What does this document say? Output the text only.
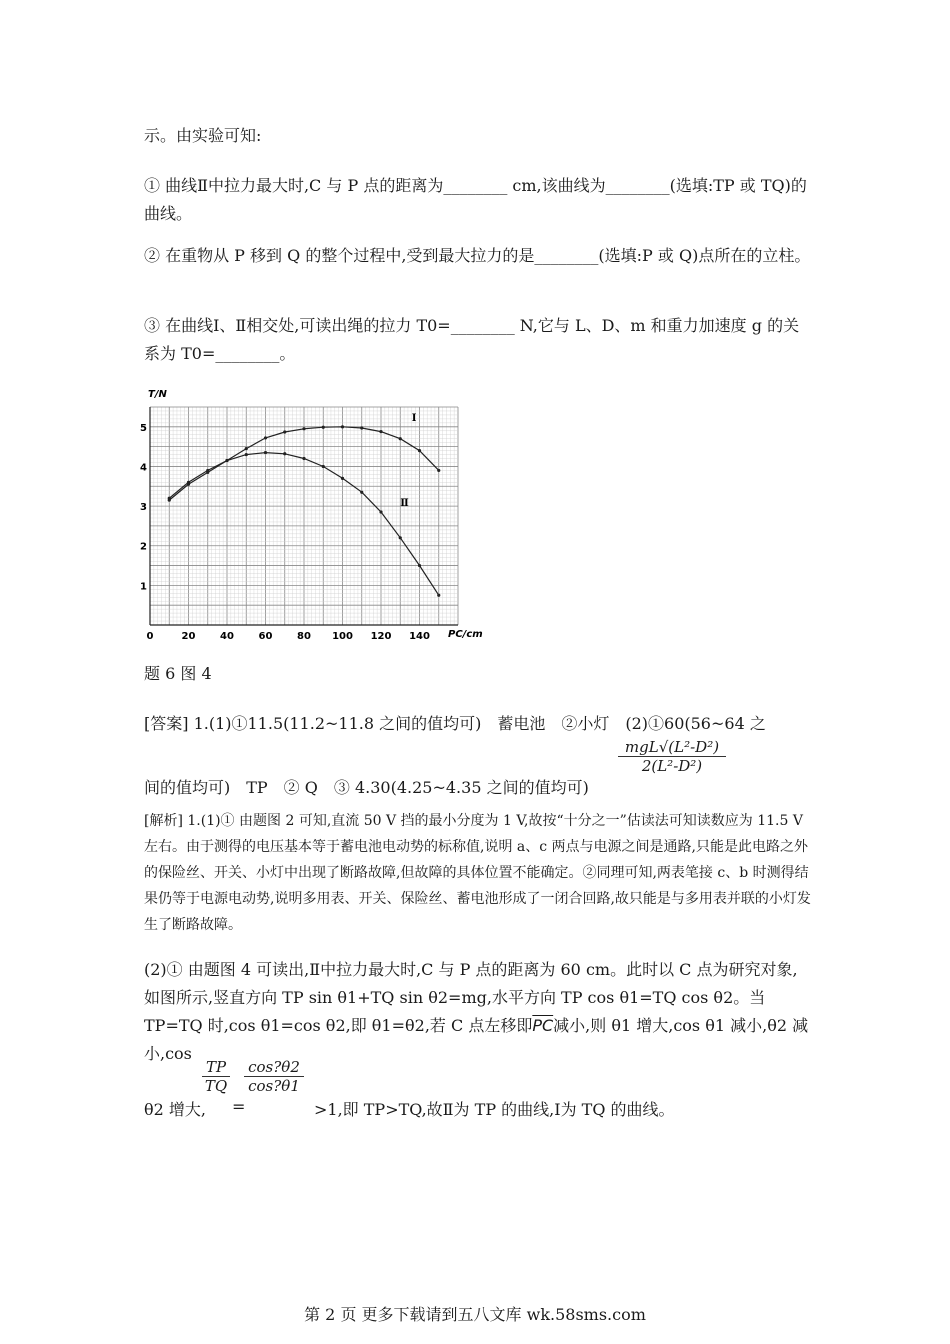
示。由实验可知:
① 曲线Ⅱ中拉力最大时,C 与 P 点的距离为________ cm,该曲线为________(选填:TP 或 TQ)的曲线。
② 在重物从 P 移到 Q 的整个过程中,受到最大拉力的是________(选填:P 或 Q)点所在的立柱。
③ 在曲线Ⅰ、Ⅱ相交处,可读出绳的拉力 T0=________ N,它与 L、D、m 和重力加速度 g 的关系为 T0=________。
0	20 40 60 80 100 120 140
1
2
3
4
5
Ⅰ
Ⅱ
T/N
PC/cm
题 6 图 4
[答案] 1.(1)①11.5(11.2~11.8 之间的值均可)　蓄电池　②小灯　(2)①60(56~64 之
mgL√(L²-D²)
2(L²-D²)
间的值均可)　TP　② Q　③ 4.30(4.25~4.35 之间的值均可)
[解析] 1.(1)① 由题图 2 可知,直流 50 V 挡的最小分度为 1 V,故按“十分之一”估读法可知读数应为 11.5 V 左右。由于测得的电压基本等于蓄电池电动势的标称值,说明 a、c 两点与电源之间是通路,只能是此电路之外的保险丝、开关、小灯中出现了断路故障,但故障的具体位置不能确定。②同理可知,两表笔接 c、b 时测得结果仍等于电源电动势,说明多用表、开关、保险丝、蓄电池形成了一闭合回路,故只能是与多用表并联的小灯发生了断路故障。
(2)① 由题图 4 可读出,Ⅱ中拉力最大时,C 与 P 点的距离为 60 cm。此时以 C 点为研究对象,如图所示,竖直方向 TP sin θ1+TQ sin θ2=mg,水平方向 TP cos θ1=TQ cos θ2。当 TP=TQ 时,cos θ1=cos θ2,即 θ1=θ2,若 C 点左移即$\overline{PC}$减小,则 θ1 增大,cos θ1 减小,θ2 减小,cos
θ2 增大,
$\frac{TP}{TQ}$
=
$\frac{\cos?\theta 2}{\cos?\theta 1}$
>1,即 TP>TQ,故Ⅱ为 TP 的曲线,Ⅰ为 TQ 的曲线。
第 2 页 更多下载请到五八文库 wk.58sms.com
